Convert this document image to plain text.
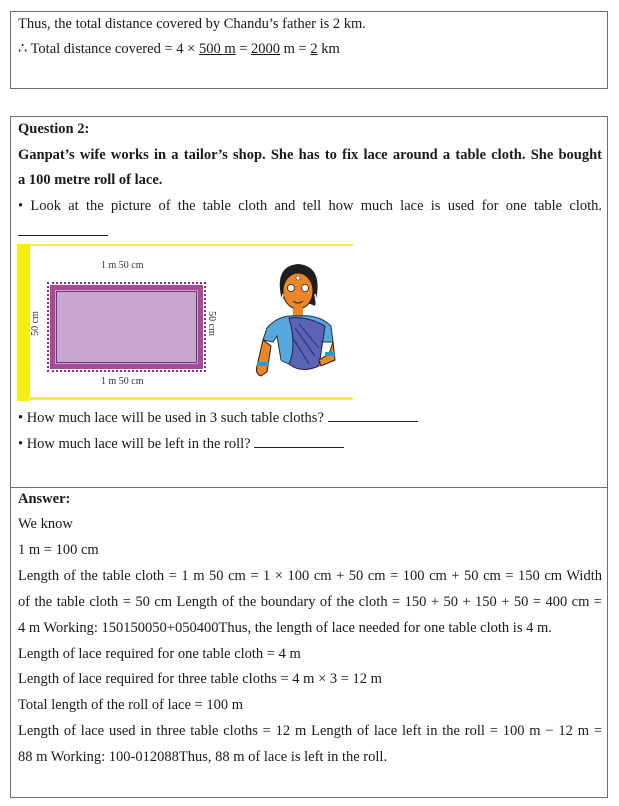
Thus, the total distance covered by Chandu’s father is 2 km.
∴ Total distance covered = 4 × 500 m = 2000 m = 2 km
Question 2:
Ganpat’s wife works in a tailor’s shop. She has to fix lace around a table cloth. She bought
a 100 metre roll of lace.
• Look at the picture of the table cloth and tell how much lace is used for one table cloth.
1 m 50 cm
1 m 50 cm
50 cm	50 cm
• How much lace will be used in 3 such table cloths?
• How much lace will be left in the roll?
Answer:
We know
1 m = 100 cm
Length of the table cloth = 1 m 50 cm = 1 × 100 cm + 50 cm = 100 cm + 50 cm = 150 cm Width
of the table cloth = 50 cm Length of the boundary of the cloth = 150 + 50 + 150 + 50 = 400 cm =
4 m Working: 150150050+050400Thus, the length of lace needed for one table cloth is 4 m.
Length of lace required for one table cloth = 4 m
Length of lace required for three table cloths = 4 m × 3 = 12 m
Total length of the roll of lace = 100 m
Length of lace used in three table cloths = 12 m Length of lace left in the roll = 100 m − 12 m =
88 m Working: 100-012088Thus, 88 m of lace is left in the roll.
